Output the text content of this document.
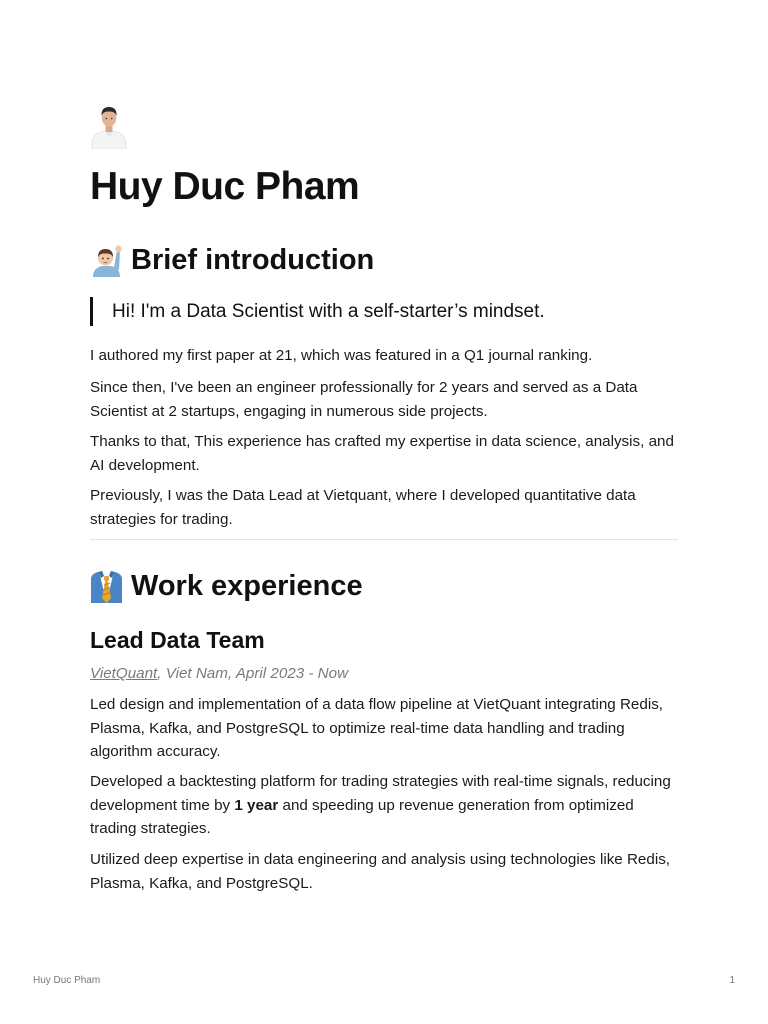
Huy Duc Pham
Brief introduction
Hi! I'm a Data Scientist with a self-starter’s mindset.

I authored my first paper at 21, which was featured in a Q1 journal ranking.

Since then, I've been an engineer professionally for 2 years and served as a Data Scientist at 2 startups, engaging in numerous side projects.

Thanks to that, This experience has crafted my expertise in data science, analysis, and AI development.

Previously, I was the Data Lead at Vietquant, where I developed quantitative data strategies for trading.

Work experience
Lead Data Team
VietQuant, Viet Nam, April 2023 - Now

Led design and implementation of a data flow pipeline at VietQuant integrating Redis, Plasma, Kafka, and PostgreSQL to optimize real-time data handling and trading algorithm accuracy.

Developed a backtesting platform for trading strategies with real-time signals, reducing development time by 1 year and speeding up revenue generation from optimized trading strategies.

Utilized deep expertise in data engineering and analysis using technologies like Redis, Plasma, Kafka, and PostgreSQL.

Huy Duc Pham	1
